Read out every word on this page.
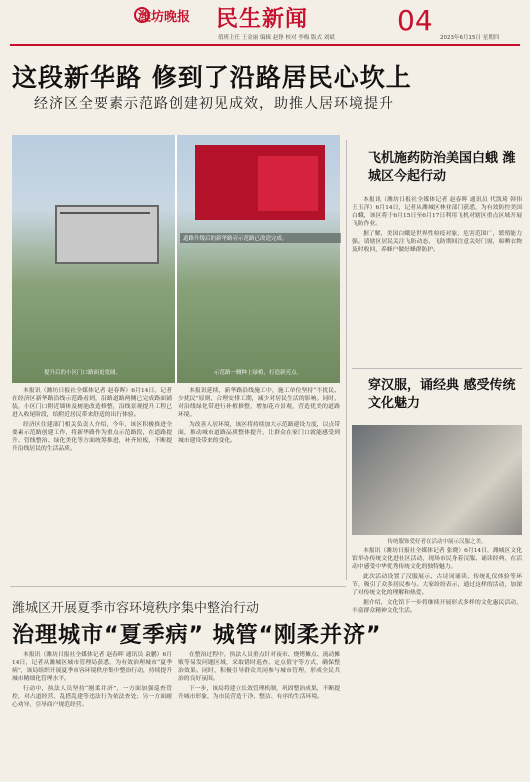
潍坊晚报 民生新闻
值班主任 王金丽 编辑 赵铮 校对 李梅 版式 刘斌
04
2023年6月15日 星期四
这段新华路 修到了沿路居民心坎上
经济区全要素示范路创建初见成效，助推人居环境提升
道路升级后的新华路旁示范路已改造完成。
提升后的小区门口路面更宽阔。	示范路一侧种上绿植，打造新亮点。

本报讯（潍坊日报社全媒体记者 赵春晖）6月14日，记者在经济区新华路沿线示范路看到，沿路道路两侧已完成路面铺装，小区门口附近墙体及树池改造修整，沿线景观提升工程已进入收尾阶段，给附近居民带来舒适的出行体验。

经济区住建部门相关负责人介绍，今年，该区积极推进全要素示范路创建工作，将新华路作为重点示范路段，在道路提升、管线整治、绿化美化等方面统筹推进，补齐短板，不断提升沿线居民的生活品质。

本报讯延续，新华路沿线施工中，施工单位坚持“不扰民、少扰民”原则，合理安排工期，减少对居民生活的影响。同时，对沿线绿化带进行补植修整，增加花卉景观，营造优美的道路环境。

为改善人居环境，该区将持续加大示范路建设力度，以点带面，推动城市道路品质整体提升，让群众在家门口就能感受到城市建设带来的变化。

飞机施药防治美国白蛾 潍城区今起行动

本报讯（潍坊日报社全媒体记者 赵春晖 通讯员 代凯琦 韩伟 王玉洋）6月14日，记者从潍城区林业部门获悉，为有效防控美国白蛾，该区将于6月15日至6月17日利用飞机对辖区重点区域开展飞防作业。

据了解，美国白蛾是世界性检疫对象，危害范围广，繁殖能力强。请辖区居民关注飞防动态，飞防期间注意关好门窗，晾晒衣物及时收回，养蜂户做好蜂群防护。

穿汉服，诵经典 感受传统文化魅力
传统服饰爱好者在活动中展示汉服之美。

本报讯（潍坊日报社全媒体记者 张晓）6月14日，潍城区文化馆举办传统文化进社区活动，现场市民身着汉服、诵读经典，在活动中感受中华优秀传统文化的独特魅力。

此次活动设置了汉服展示、古诗词诵读、传统礼仪体验等环节，吸引了众多居民参与。大家纷纷表示，通过这样的活动，加深了对传统文化的理解和热爱。

据介绍，文化馆下一步将继续开展形式多样的文化惠民活动，丰富群众精神文化生活。

潍城区开展夏季市容环境秩序集中整治行动
治理城市“夏季病” 城管“刚柔并济”

本报讯（潍坊日报社全媒体记者 赵春晖 通讯员 袁鹏）6月14日，记者从潍城区城市管理局获悉，为有效治理城市“夏季病”，该局组织开展夏季市容环境秩序集中整治行动，持续提升城市精细化管理水平。

行动中，执法人员坚持“刚柔并济”，一方面加强巡查管控，对占道经营、乱搭乱建等违法行为依法查处；另一方面耐心劝导，引导商户规范经营。

在整治过程中，执法人员重点针对夜市、烧烤摊点、流动摊贩等易发问题区域，采取错时巡查、定点值守等方式，确保整治效果。同时，积极引导群众共同参与城市管理，形成全民共治的良好氛围。

下一步，该局将建立长效管理机制，巩固整治成果，不断提升城市形象，为市民营造干净、整洁、有序的生活环境。
